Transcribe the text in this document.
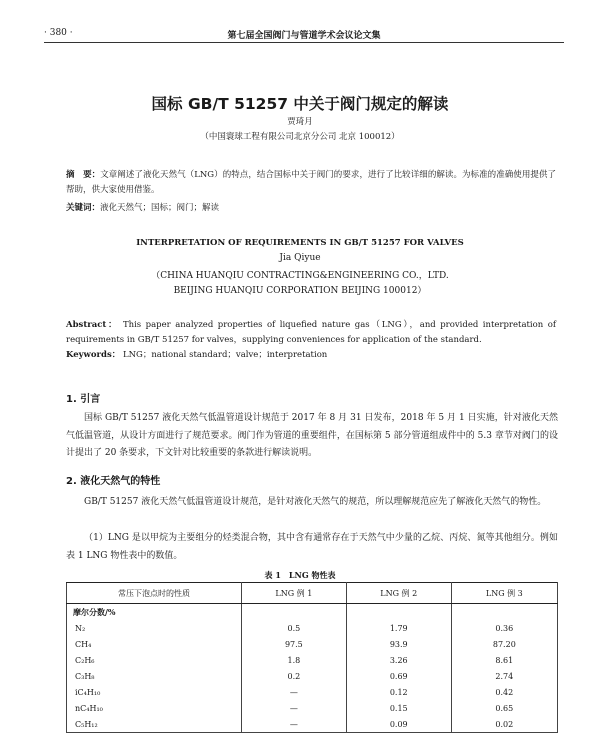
· 380 ·	第七届全国阀门与管道学术会议论文集
国标 GB/T 51257 中关于阀门规定的解读
贾琦月
（中国寰球工程有限公司北京分公司 北京 100012）
摘　要：文章阐述了液化天然气（LNG）的特点，结合国标中关于阀门的要求，进行了比较详细的解读。为标准的准确使用提供了帮助，供大家使用借鉴。
关键词：液化天然气；国标；阀门；解读
INTERPRETATION OF REQUIREMENTS IN GB/T 51257 FOR VALVES
Jia Qiyue
（CHINA HUANQIU CONTRACTING&ENGINEERING CO.，LTD.
BEIJING HUANQIU CORPORATION BEIJING 100012）
Abstract： This paper analyzed properties of liquefied nature gas（LNG），and provided interpretation of requirements in GB/T 51257 for valves，supplying conveniences for application of the standard.
Keywords： LNG；national standard；valve；interpretation
1. 引言
国标 GB/T 51257 液化天然气低温管道设计规范于 2017 年 8 月 31 日发布，2018 年 5 月 1 日实施，针对液化天然气低温管道，从设计方面进行了规范要求。阀门作为管道的重要组件，在国标第 5 部分管道组成件中的 5.3 章节对阀门的设计提出了 20 条要求，下文针对比较重要的条款进行解读说明。
2. 液化天然气的特性
GB/T 51257 液化天然气低温管道设计规范，是针对液化天然气的规范，所以理解规范应先了解液化天然气的物性。
（1）LNG 是以甲烷为主要组分的烃类混合物，其中含有通常存在于天然气中少量的乙烷、丙烷、氮等其他组分。例如表 1 LNG 物性表中的数值。
表 1　LNG 物性表
常压下泡点时的性质	LNG 例 1	LNG 例 2	LNG 例 3
摩尔分数/%			
N₂	0.5	1.79	0.36
CH₄	97.5	93.9	87.20
C₂H₆	1.8	3.26	8.61
C₃H₈	0.2	0.69	2.74
iC₄H₁₀	—	0.12	0.42
nC₄H₁₀	—	0.15	0.65
C₅H₁₂	—	0.09	0.02
